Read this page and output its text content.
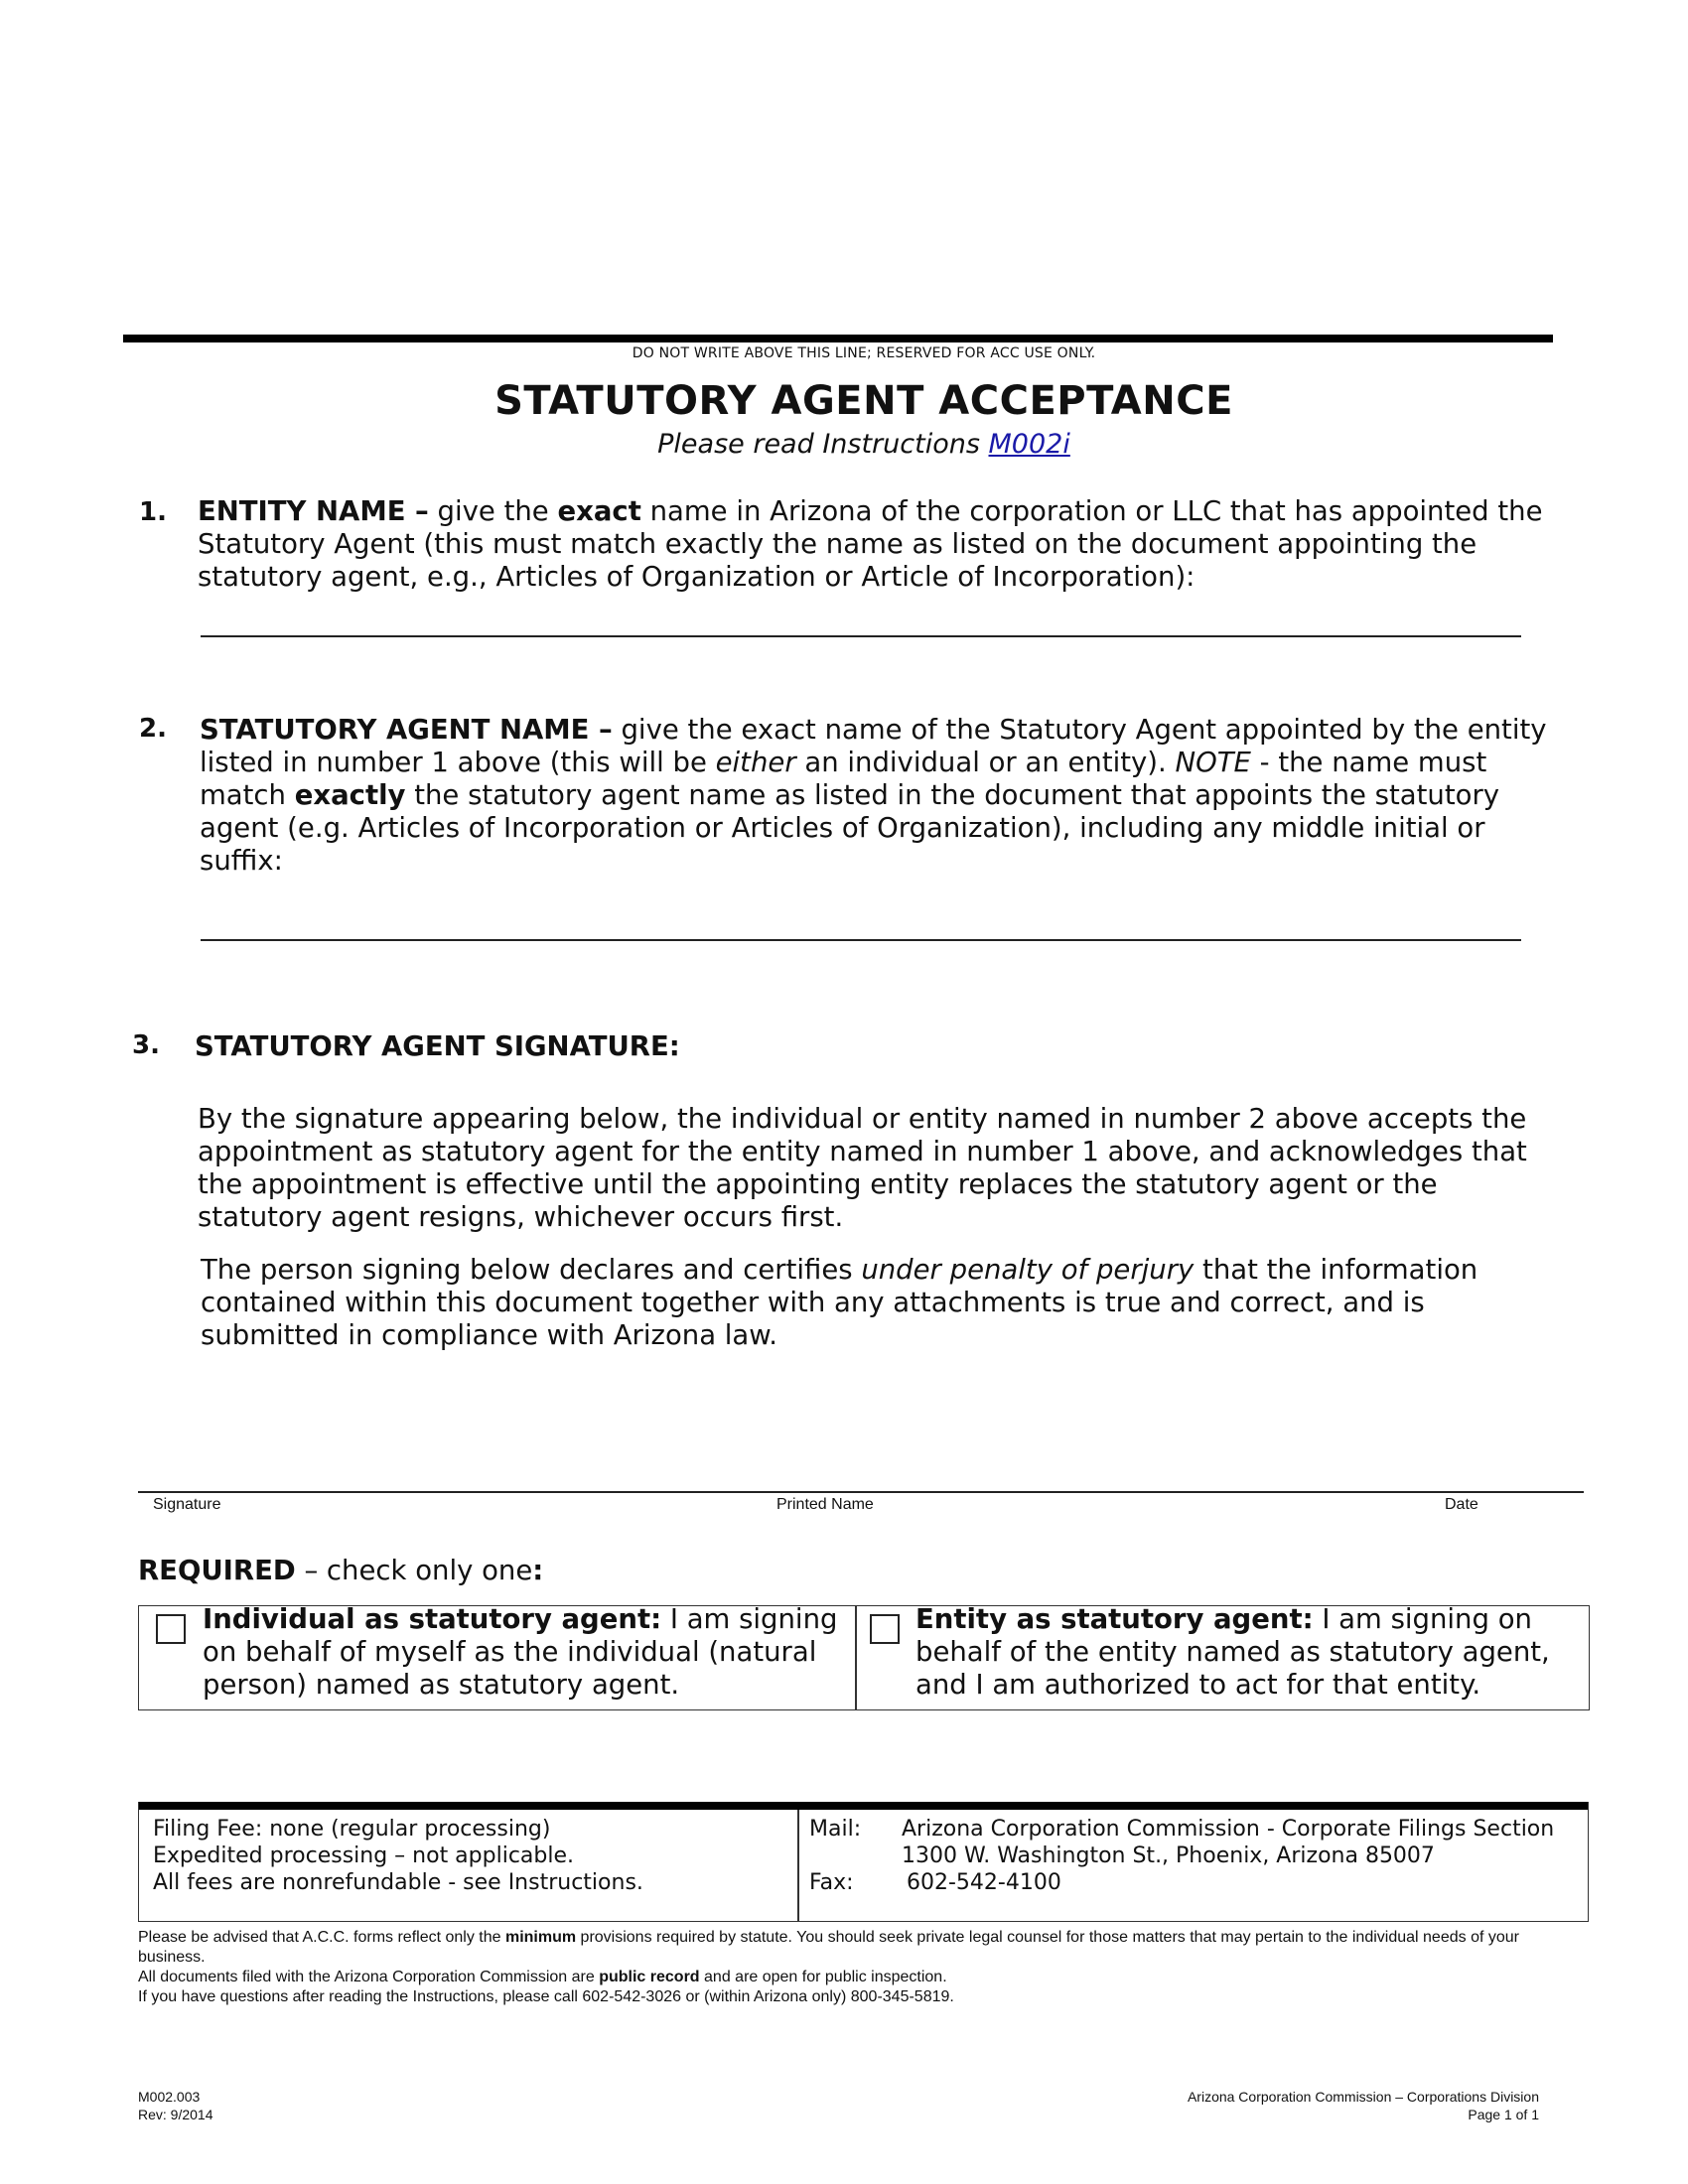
DO NOT WRITE ABOVE THIS LINE; RESERVED FOR ACC USE ONLY.
STATUTORY AGENT ACCEPTANCE
Please read Instructions M002i
1. ENTITY NAME – give the exact name in Arizona of the corporation or LLC that has appointed the Statutory Agent (this must match exactly the name as listed on the document appointing the statutory agent, e.g., Articles of Organization or Article of Incorporation):
2. STATUTORY AGENT NAME – give the exact name of the Statutory Agent appointed by the entity listed in number 1 above (this will be either an individual or an entity). NOTE - the name must match exactly the statutory agent name as listed in the document that appoints the statutory agent (e.g. Articles of Incorporation or Articles of Organization), including any middle initial or suffix:
3. STATUTORY AGENT SIGNATURE:
By the signature appearing below, the individual or entity named in number 2 above accepts the appointment as statutory agent for the entity named in number 1 above, and acknowledges that the appointment is effective until the appointing entity replaces the statutory agent or the statutory agent resigns, whichever occurs first.
The person signing below declares and certifies under penalty of perjury that the information contained within this document together with any attachments is true and correct, and is submitted in compliance with Arizona law.
Signature	Printed Name	Date
REQUIRED – check only one:
Individual as statutory agent: I am signing on behalf of myself as the individual (natural person) named as statutory agent.
Entity as statutory agent: I am signing on behalf of the entity named as statutory agent, and I am authorized to act for that entity.
Filing Fee: none (regular processing)
Expedited processing – not applicable.
All fees are nonrefundable - see Instructions.
Mail: Arizona Corporation Commission - Corporate Filings Section
1300 W. Washington St., Phoenix, Arizona 85007
Fax: 602-542-4100
Please be advised that A.C.C. forms reflect only the minimum provisions required by statute. You should seek private legal counsel for those matters that may pertain to the individual needs of your business.
All documents filed with the Arizona Corporation Commission are public record and are open for public inspection.
If you have questions after reading the Instructions, please call 602-542-3026 or (within Arizona only) 800-345-5819.
M002.003
Rev: 9/2014
Arizona Corporation Commission – Corporations Division
Page 1 of 1
